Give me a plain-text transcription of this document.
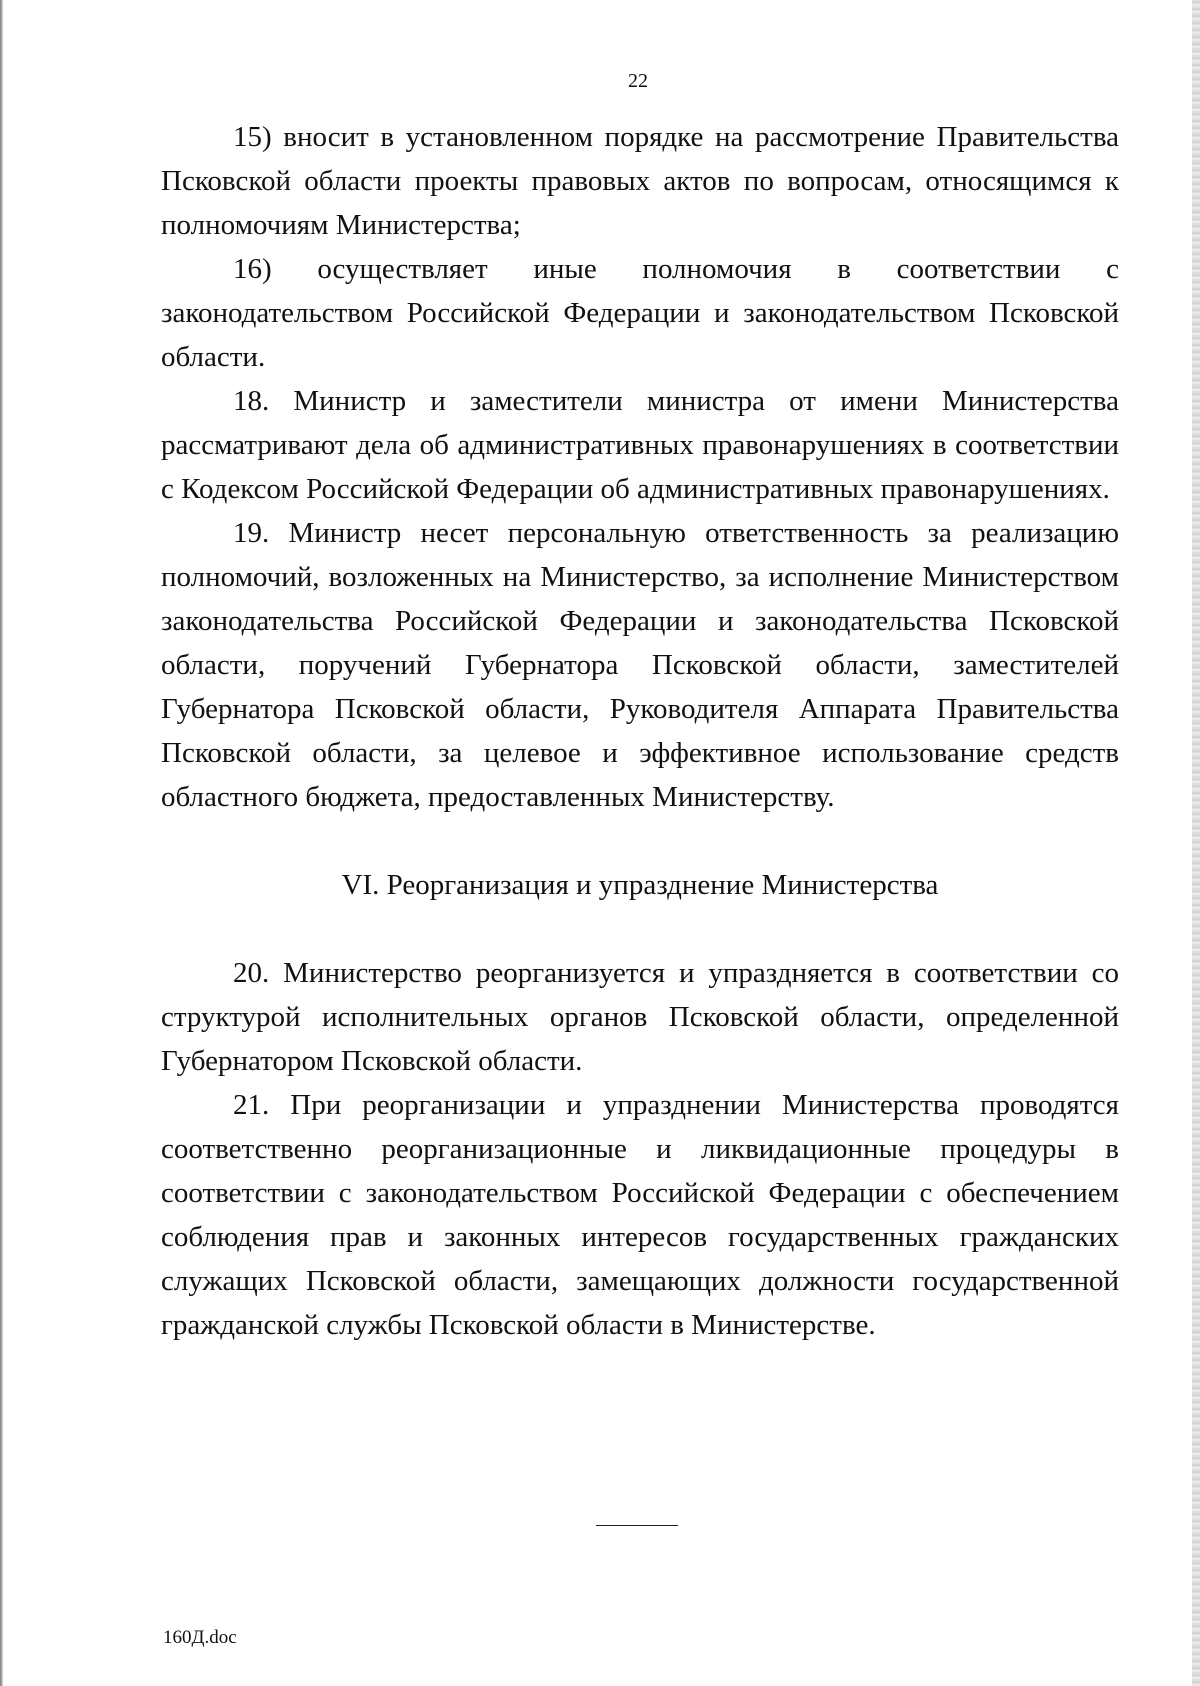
22

15) вносит в установленном порядке на рассмотрение Правительства Псковской области проекты правовых актов по вопросам, относящимся к полномочиям Министерства;

16) осуществляет иные полномочия в соответствии с законодательством Российской Федерации и законодательством Псковской области.

18. Министр и заместители министра от имени Министерства рассматривают дела об административных правонарушениях в соответствии с Кодексом Российской Федерации об административных правонарушениях.

19. Министр несет персональную ответственность за реализацию полномочий, возложенных на Министерство, за исполнение Министерством законодательства Российской Федерации и законодательства Псковской области, поручений Губернатора Псковской области, заместителей Губернатора Псковской области, Руководителя Аппарата Правительства Псковской области, за целевое и эффективное использование средств областного бюджета, предоставленных Министерству.

VI. Реорганизация и упразднение Министерства

20. Министерство реорганизуется и упраздняется в соответствии со структурой исполнительных органов Псковской области, определенной Губернатором Псковской области.

21. При реорганизации и упразднении Министерства проводятся соответственно реорганизационные и ликвидационные процедуры в соответствии с законодательством Российской Федерации с обеспечением соблюдения прав и законных интересов государственных гражданских служащих Псковской области, замещающих должности государственной гражданской службы Псковской области в Министерстве.

160Д.doc
